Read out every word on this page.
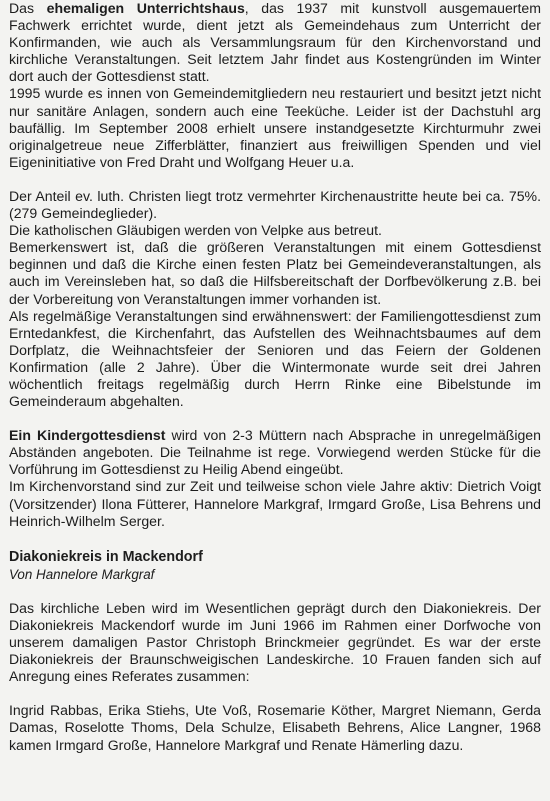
Das ehemaligen Unterrichtshaus, das 1937 mit kunstvoll ausgemauertem Fachwerk errichtet wurde, dient jetzt als Gemeindehaus zum Unterricht der Konfirmanden, wie auch als Versammlungsraum für den Kirchenvorstand und kirchliche Veranstaltungen. Seit letztem Jahr findet aus Kostengründen im Winter dort auch der Gottesdienst statt.

1995 wurde es innen von Gemeindemitgliedern neu restauriert und besitzt jetzt nicht nur sanitäre Anlagen, sondern auch eine Teeküche. Leider ist der Dachstuhl arg baufällig. Im September 2008 erhielt unsere instandgesetzte Kirchturmuhr zwei originalgetreue neue Zifferblätter, finanziert aus freiwilligen Spenden und viel Eigeninitiative von Fred Draht und Wolfgang Heuer u.a.

Der Anteil ev. luth. Christen liegt trotz vermehrter Kirchenaustritte heute bei ca. 75%. (279 Gemeindeglieder).

Die katholischen Gläubigen werden von Velpke aus betreut.

Bemerkenswert ist, daß die größeren Veranstaltungen mit einem Gottesdienst beginnen und daß die Kirche einen festen Platz bei Gemeindeveranstaltungen, als auch im Vereinsleben hat, so daß die Hilfsbereitschaft der Dorfbevölkerung z.B. bei der Vorbereitung von Veranstaltungen immer vorhanden ist.

Als regelmäßige Veranstaltungen sind erwähnenswert: der Familiengottesdienst zum Erntedankfest, die Kirchenfahrt, das Aufstellen des Weihnachtsbaumes auf dem Dorfplatz, die Weihnachtsfeier der Senioren und das Feiern der Goldenen Konfirmation (alle 2 Jahre). Über die Wintermonate wurde seit drei Jahren wöchentlich freitags regelmäßig durch Herrn Rinke eine Bibelstunde im Gemeinderaum abgehalten.

Ein Kindergottesdienst wird von 2-3 Müttern nach Absprache in unregelmäßigen Abständen angeboten. Die Teilnahme ist rege. Vorwiegend werden Stücke für die Vorführung im Gottesdienst zu Heilig Abend eingeübt.

Im Kirchenvorstand sind zur Zeit und teilweise schon viele Jahre aktiv: Dietrich Voigt (Vorsitzender) Ilona Fütterer, Hannelore Markgraf, Irmgard Große, Lisa Behrens und Heinrich-Wilhelm Serger.

Diakoniekreis in Mackendorf

Von Hannelore Markgraf

Das kirchliche Leben wird im Wesentlichen geprägt durch den Diakoniekreis. Der Diakoniekreis Mackendorf wurde im Juni 1966 im Rahmen einer Dorfwoche von unserem damaligen Pastor Christoph Brinckmeier gegründet. Es war der erste Diakoniekreis der Braunschweigischen Landeskirche. 10 Frauen fanden sich auf Anregung eines Referates zusammen:

Ingrid Rabbas, Erika Stiehs, Ute Voß, Rosemarie Köther, Margret Niemann, Gerda Damas, Roselotte Thoms, Dela Schulze, Elisabeth Behrens, Alice Langner, 1968 kamen Irmgard Große, Hannelore Markgraf und Renate Hämerling dazu.
